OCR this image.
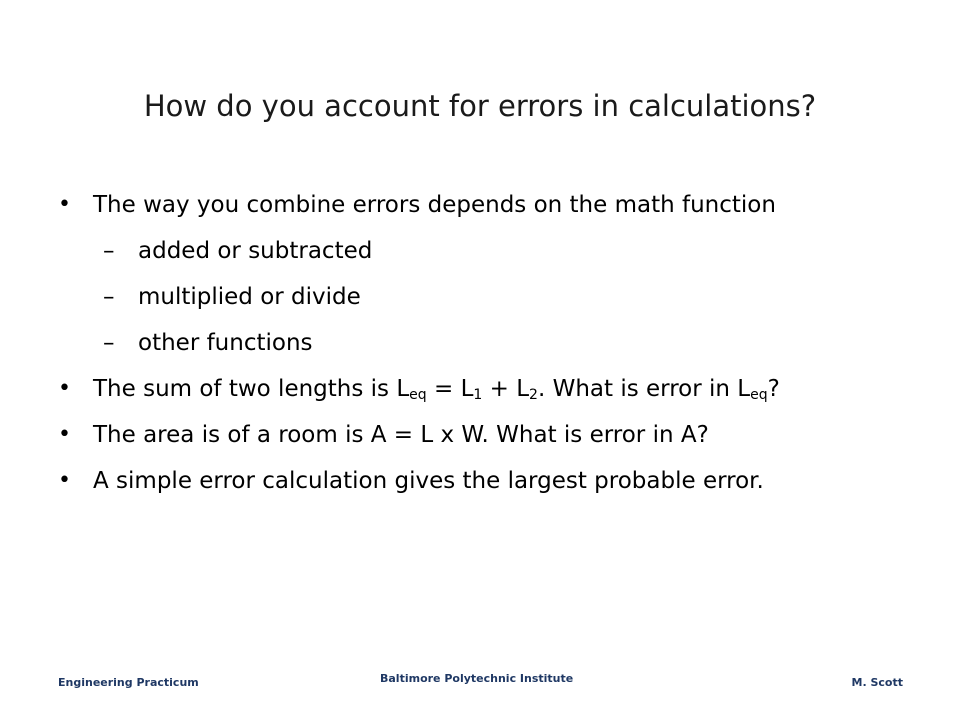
How do you account for errors in calculations?
• The way you combine errors depends on the math function
– added or subtracted
– multiplied or divide
– other functions
• The sum of two lengths is $L_{eq} = L_1 + L_2$. What is error in $L_{eq}$?
• The area is of a room is A = L x W. What is error in A?
• A simple error calculation gives the largest probable error.
Engineering Practicum	Baltimore Polytechnic Institute	M. Scott
